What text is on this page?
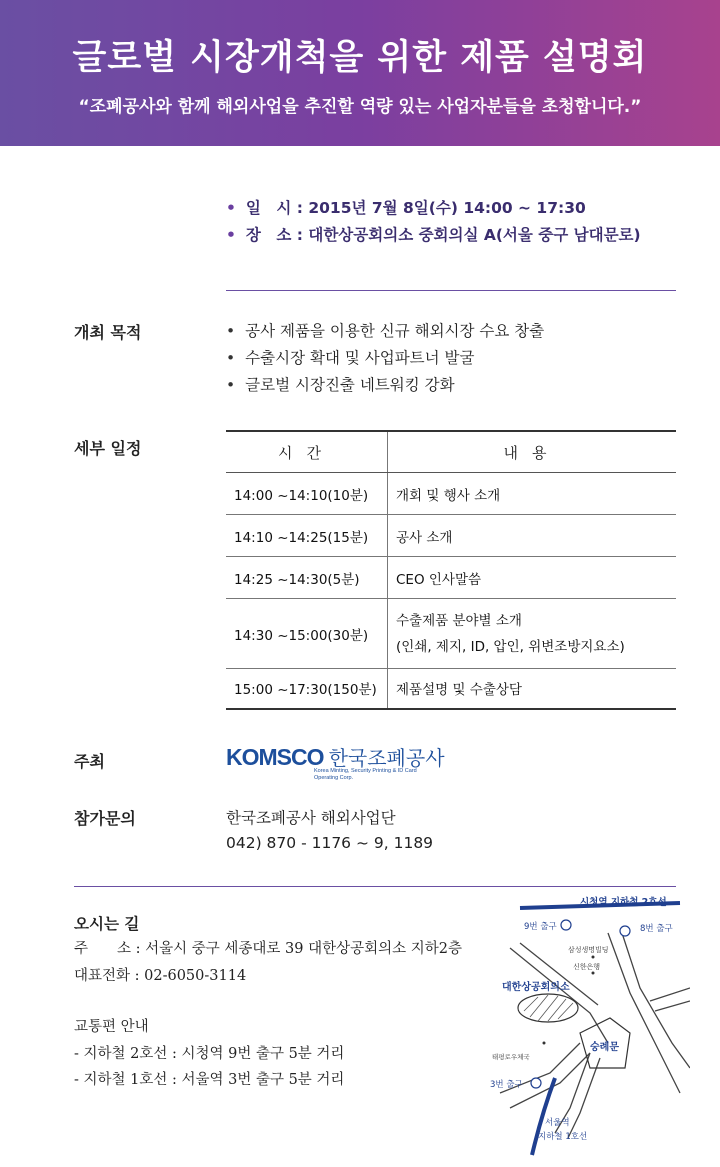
글로벌 시장개척을 위한 제품 설명회
“조폐공사와 함께 해외사업을 추진할 역량 있는 사업자분들을 초청합니다.”
• 일　시 : 2015년 7월 8일(수) 14:00 ~ 17:30
• 장　소 : 대한상공회의소 중회의실 A(서울 중구 남대문로)
개최 목적	• 공사 제품을 이용한 신규 해외시장 수요 창출
• 수출시장 확대 및 사업파트너 발굴
• 글로벌 시장진출 네트워킹 강화
세부 일정	시간	내용
14:00 ~14:10(10분)	개회 및 행사 소개
14:10 ~14:25(15분)	공사 소개
14:25 ~14:30(5분)	CEO 인사말씀
14:30 ~15:00(30분)	수출제품 분야별 소개
(인쇄, 제지, ID, 압인, 위변조방지요소)

15:00 ~17:30(150분)	제품설명 및 수출상담
주최	KOMSCO 한국조폐공사
Korea Minting, Security Printing & ID Card Operating Corp.
참가문의	한국조폐공사 해외사업단
042) 870 - 1176 ~ 9, 1189
오시는 길
주　　소 : 서울시 중구 세종대로 39 대한상공회의소 지하2층
대표전화 : 02-6050-3114
교통편 안내
- 지하철 2호선 : 시청역 9번 출구 5분 거리
- 지하철 1호선 : 서울역 3번 출구 5분 거리
시청역 지하철 2호선
9번 출구	8번 출구
삼성생명빌딩
신한은행
대한상공회의소
숭례문
태평로우체국
3번 출구
서울역
지하철 1호선
